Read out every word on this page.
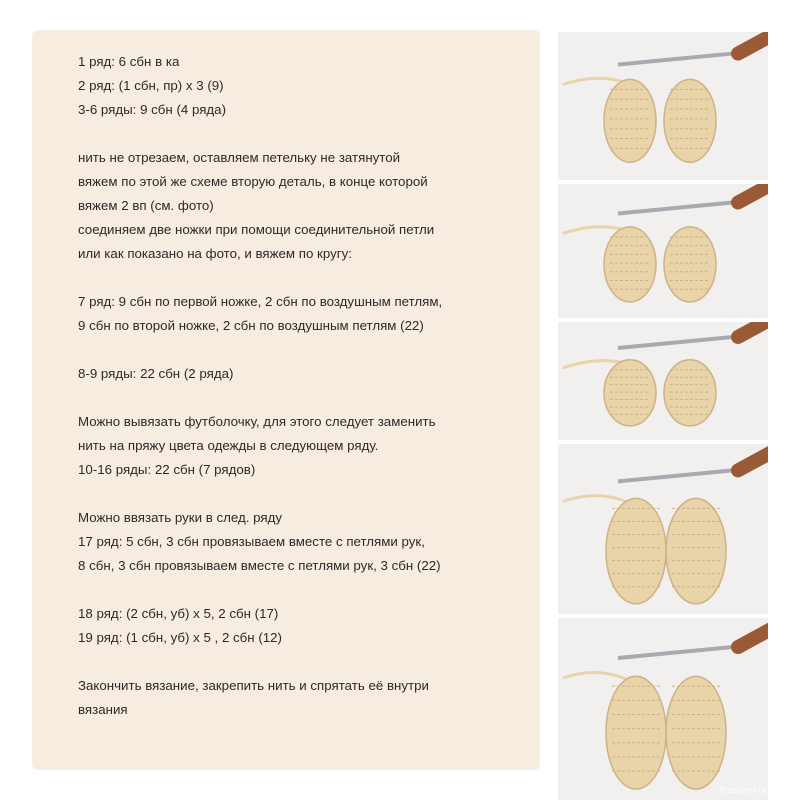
1 ряд: 6 сбн в ка

2 ряд: (1 сбн, пр) х 3 (9)

3-6 ряды: 9 сбн (4 ряда)

нить не отрезаем, оставляем петельку не затянутой

вяжем по этой же схеме вторую деталь, в конце которой

вяжем 2 вп (см. фото)

соединяем две ножки при помощи соединительной петли

или как показано на фото, и вяжем по кругу:

7 ряд: 9 сбн по первой ножке, 2 сбн по воздушным петлям,

9 сбн по второй ножке, 2 сбн по воздушным петлям (22)

8-9 ряды: 22 сбн (2 ряда)

Можно вывязать футболочку, для этого следует заменить

нить на пряжу цвета одежды в следующем ряду.

10-16 ряды: 22 сбн (7 рядов)

Можно ввязать руки в след. ряду

17 ряд: 5 сбн, 3 сбн провязываем вместе с петлями рук,

8 сбн, 3 сбн провязываем вместе с петлями рук, 3 сбн (22)

18 ряд: (2 сбн, уб) х 5, 2 сбн (17)

19 ряд: (1 сбн, уб) х 5 , 2 сбн (12)

Закончить вязание, закрепить нить и спрятать её внутри

вязания

PassionForum.ru
